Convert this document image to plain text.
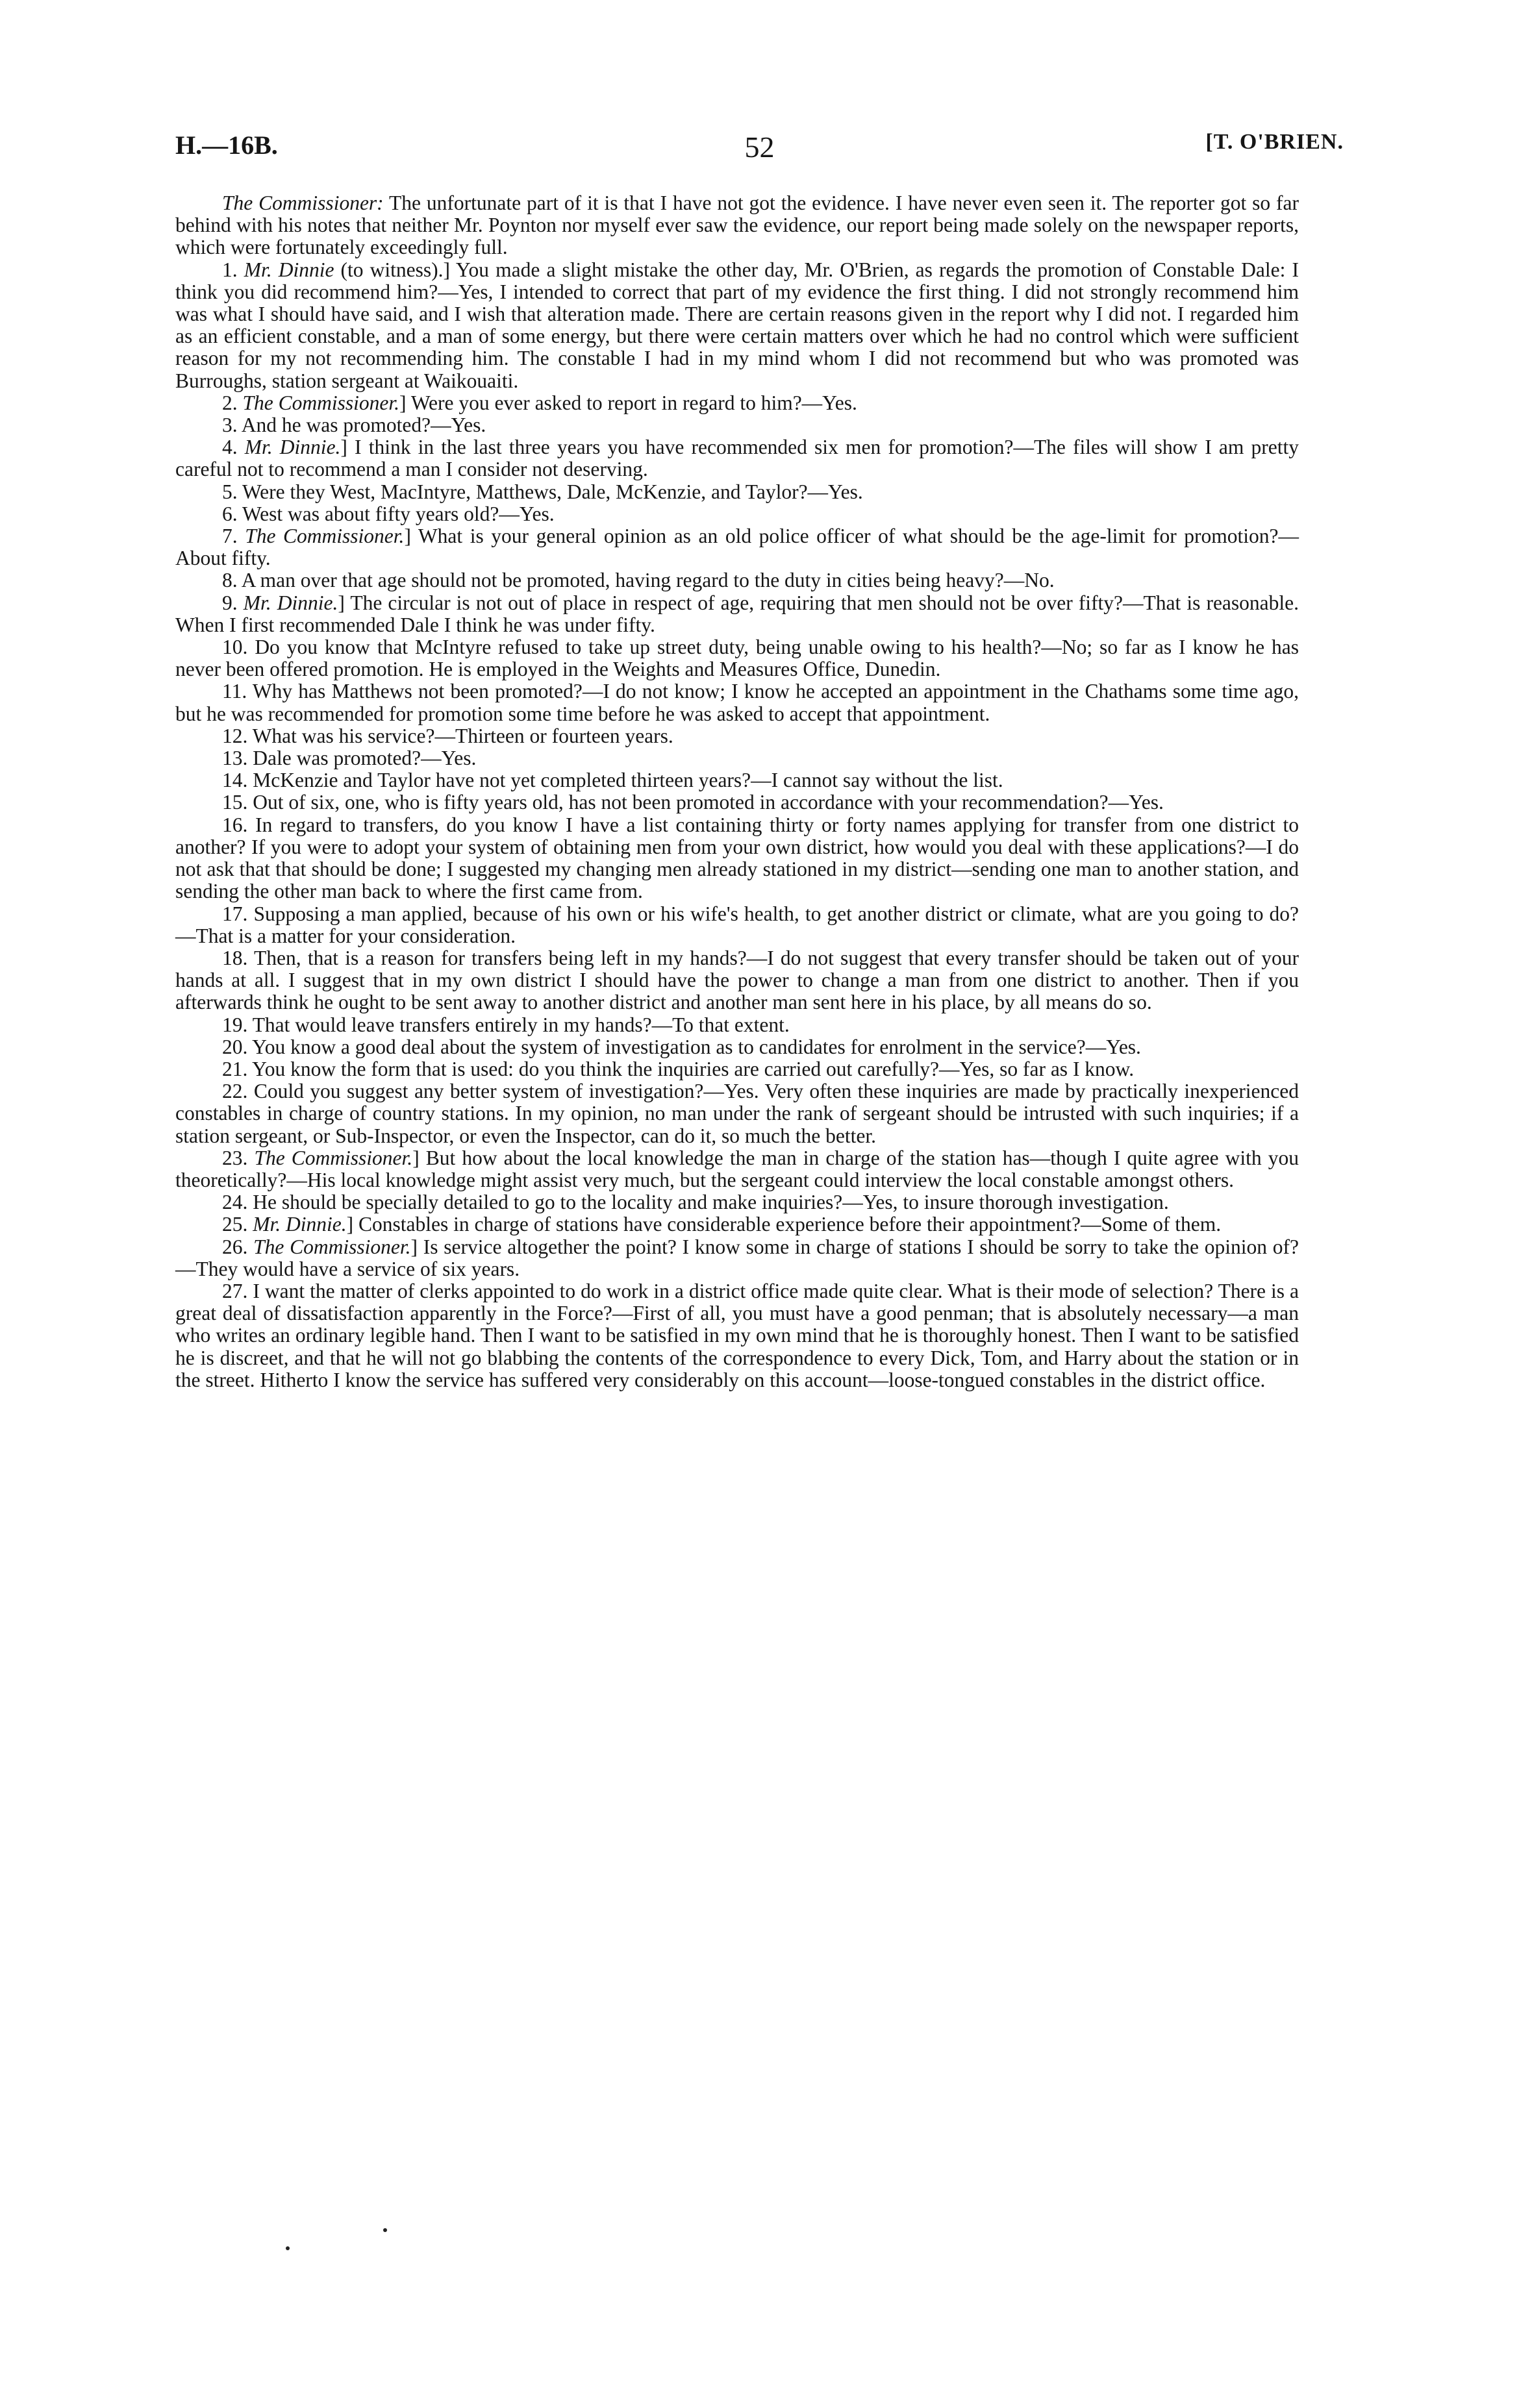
H.—16B.	52	[T. O'BRIEN.

The Commissioner: The unfortunate part of it is that I have not got the evidence. I have never even seen it. The reporter got so far behind with his notes that neither Mr. Poynton nor myself ever saw the evidence, our report being made solely on the newspaper reports, which were fortunately exceedingly full.

1. Mr. Dinnie (to witness).] You made a slight mistake the other day, Mr. O'Brien, as regards the promotion of Constable Dale: I think you did recommend him?—Yes, I intended to correct that part of my evidence the first thing. I did not strongly recommend him was what I should have said, and I wish that alteration made. There are certain reasons given in the report why I did not. I regarded him as an efficient constable, and a man of some energy, but there were certain matters over which he had no control which were sufficient reason for my not recommending him. The constable I had in my mind whom I did not recommend but who was promoted was Burroughs, station sergeant at Waikouaiti.

2. The Commissioner.] Were you ever asked to report in regard to him?—Yes.

3. And he was promoted?—Yes.

4. Mr. Dinnie.] I think in the last three years you have recommended six men for promotion?—The files will show I am pretty careful not to recommend a man I consider not deserving.

5. Were they West, MacIntyre, Matthews, Dale, McKenzie, and Taylor?—Yes.

6. West was about fifty years old?—Yes.

7. The Commissioner.] What is your general opinion as an old police officer of what should be the age-limit for promotion?—About fifty.

8. A man over that age should not be promoted, having regard to the duty in cities being heavy?—No.

9. Mr. Dinnie.] The circular is not out of place in respect of age, requiring that men should not be over fifty?—That is reasonable. When I first recommended Dale I think he was under fifty.

10. Do you know that McIntyre refused to take up street duty, being unable owing to his health?—No; so far as I know he has never been offered promotion. He is employed in the Weights and Measures Office, Dunedin.

11. Why has Matthews not been promoted?—I do not know; I know he accepted an appointment in the Chathams some time ago, but he was recommended for promotion some time before he was asked to accept that appointment.

12. What was his service?—Thirteen or fourteen years.

13. Dale was promoted?—Yes.

14. McKenzie and Taylor have not yet completed thirteen years?—I cannot say without the list.

15. Out of six, one, who is fifty years old, has not been promoted in accordance with your recommendation?—Yes.

16. In regard to transfers, do you know I have a list containing thirty or forty names applying for transfer from one district to another? If you were to adopt your system of obtaining men from your own district, how would you deal with these applications?—I do not ask that that should be done; I suggested my changing men already stationed in my district—sending one man to another station, and sending the other man back to where the first came from.

17. Supposing a man applied, because of his own or his wife's health, to get another district or climate, what are you going to do?—That is a matter for your consideration.

18. Then, that is a reason for transfers being left in my hands?—I do not suggest that every transfer should be taken out of your hands at all. I suggest that in my own district I should have the power to change a man from one district to another. Then if you afterwards think he ought to be sent away to another district and another man sent here in his place, by all means do so.

19. That would leave transfers entirely in my hands?—To that extent.

20. You know a good deal about the system of investigation as to candidates for enrolment in the service?—Yes.

21. You know the form that is used: do you think the inquiries are carried out carefully?—Yes, so far as I know.

22. Could you suggest any better system of investigation?—Yes. Very often these inquiries are made by practically inexperienced constables in charge of country stations. In my opinion, no man under the rank of sergeant should be intrusted with such inquiries; if a station sergeant, or Sub-Inspector, or even the Inspector, can do it, so much the better.

23. The Commissioner.] But how about the local knowledge the man in charge of the station has—though I quite agree with you theoretically?—His local knowledge might assist very much, but the sergeant could interview the local constable amongst others.

24. He should be specially detailed to go to the locality and make inquiries?—Yes, to insure thorough investigation.

25. Mr. Dinnie.] Constables in charge of stations have considerable experience before their appointment?—Some of them.

26. The Commissioner.] Is service altogether the point? I know some in charge of stations I should be sorry to take the opinion of?—They would have a service of six years.

27. I want the matter of clerks appointed to do work in a district office made quite clear. What is their mode of selection? There is a great deal of dissatisfaction apparently in the Force?—First of all, you must have a good penman; that is absolutely necessary—a man who writes an ordinary legible hand. Then I want to be satisfied in my own mind that he is thoroughly honest. Then I want to be satisfied he is discreet, and that he will not go blabbing the contents of the correspondence to every Dick, Tom, and Harry about the station or in the street. Hitherto I know the service has suffered very considerably on this account—loose-tongued constables in the district office.
